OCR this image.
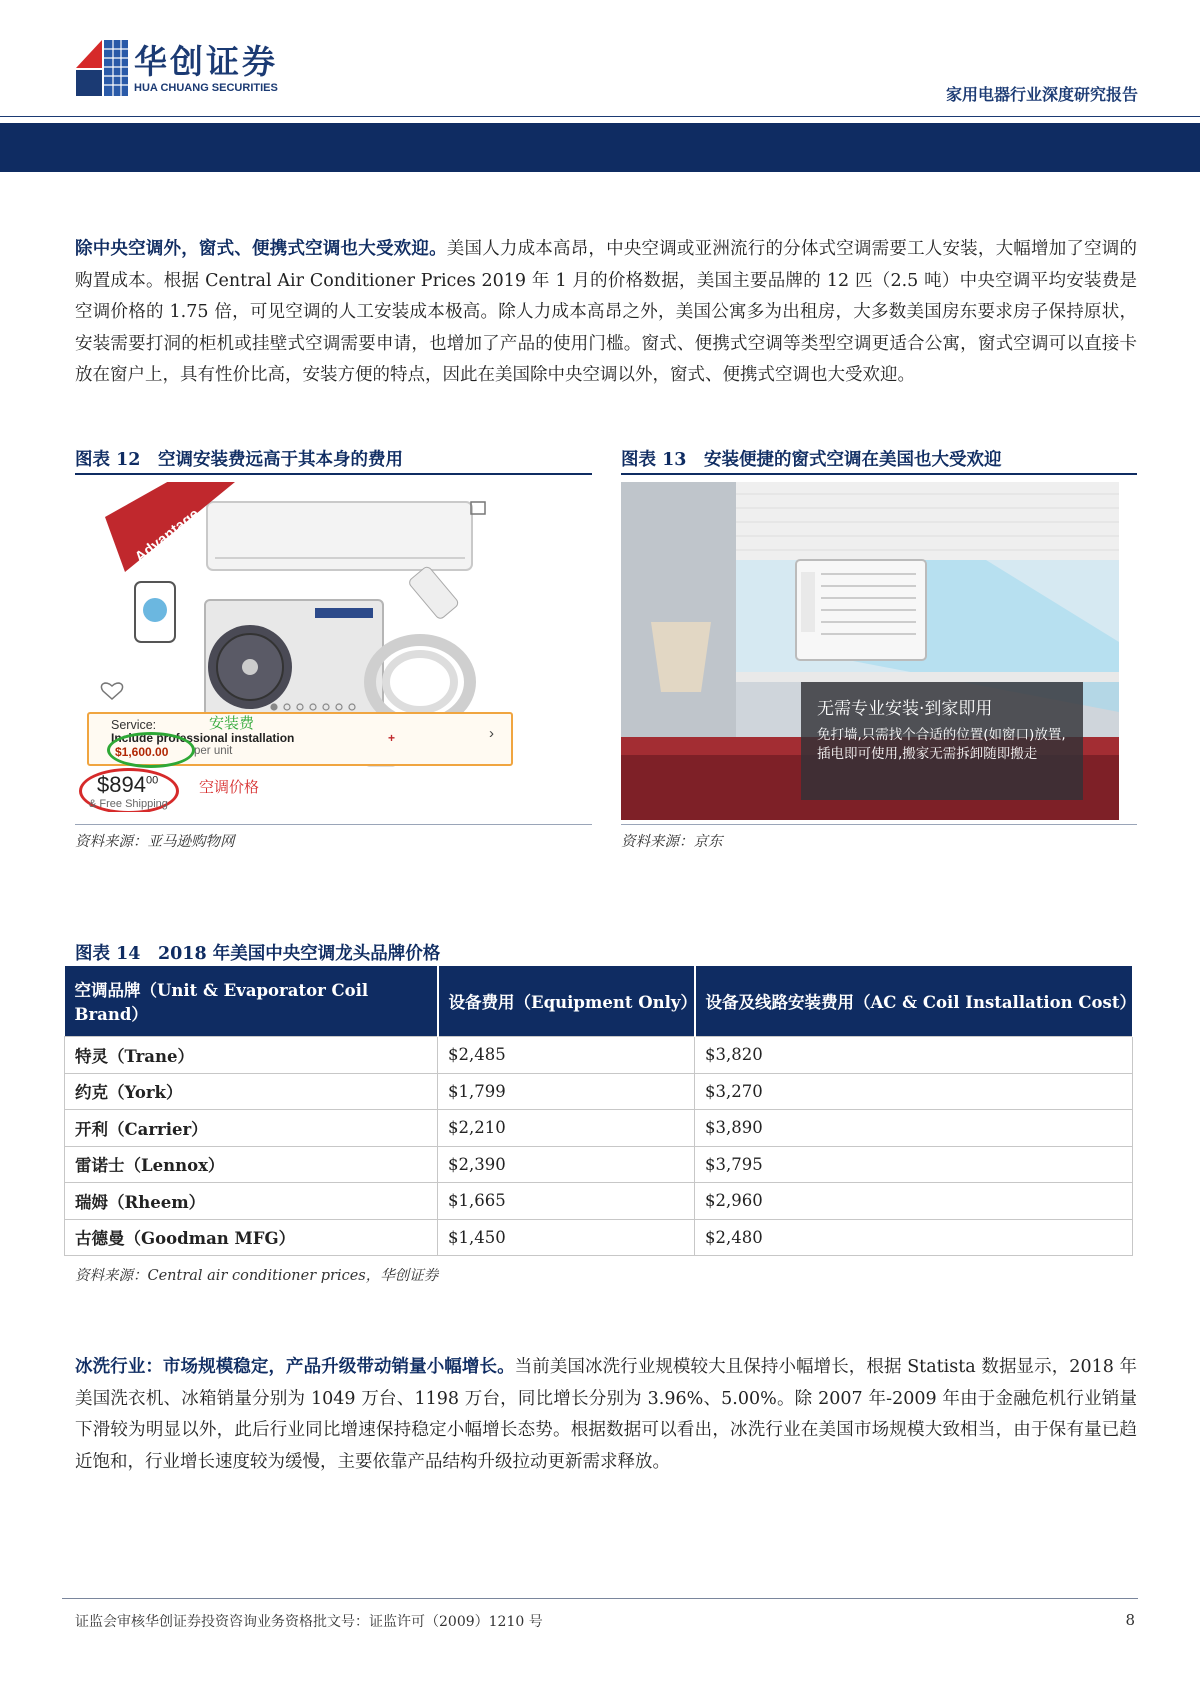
华创证券
HUA CHUANG SECURITIES	家用电器行业深度研究报告

除中央空调外，窗式、便携式空调也大受欢迎。美国人力成本高昂，中央空调或亚洲流行的分体式空调需要工人安装，大幅增加了空调的购置成本。根据 Central Air Conditioner Prices 2019 年 1 月的价格数据，美国主要品牌的 12 匹（2.5 吨）中央空调平均安装费是空调价格的 1.75 倍，可见空调的人工安装成本极高。除人力成本高昂之外，美国公寓多为出租房，大多数美国房东要求房子保持原状，安装需要打洞的柜机或挂壁式空调需要申请，也增加了产品的使用门槛。窗式、便携式空调等类型空调更适合公寓，窗式空调可以直接卡放在窗户上，具有性价比高，安装方便的特点，因此在美国除中央空调以外，窗式、便携式空调也大受欢迎。

图表 12　空调安装费远高于其本身的费用
Advantage
Service:
Include professional installation	+
$1,600.00 per unit
安装费
›
$\$894^{00}$
& Free Shipping
空调价格
资料来源：亚马逊购物网
图表 13　安装便捷的窗式空调在美国也大受欢迎
无需专业安装·到家即用
免打墙,只需找个合适的位置(如窗口)放置,插电即可使用,搬家无需拆卸随即搬走
资料来源：京东
图表 14　2018 年美国中央空调龙头品牌价格
空调品牌（Unit & Evaporator Coil Brand）	设备费用（Equipment Only）	设备及线路安装费用（AC & Coil Installation Cost）
特灵（Trane）	$2,485	$3,820
约克（York）	$1,799	$3,270
开利（Carrier）	$2,210	$3,890
雷诺士（Lennox）	$2,390	$3,795
瑞姆（Rheem）	$1,665	$2,960
古德曼（Goodman MFG）	$1,450	$2,480
资料来源：Central air conditioner prices，华创证券

冰洗行业：市场规模稳定，产品升级带动销量小幅增长。当前美国冰洗行业规模较大且保持小幅增长，根据 Statista 数据显示，2018 年美国洗衣机、冰箱销量分别为 1049 万台、1198 万台，同比增长分别为 3.96%、5.00%。除 2007 年-2009 年由于金融危机行业销量下滑较为明显以外，此后行业同比增速保持稳定小幅增长态势。根据数据可以看出，冰洗行业在美国市场规模大致相当，由于保有量已趋近饱和，行业增长速度较为缓慢，主要依靠产品结构升级拉动更新需求释放。

证监会审核华创证券投资咨询业务资格批文号：证监许可（2009）1210 号	8
